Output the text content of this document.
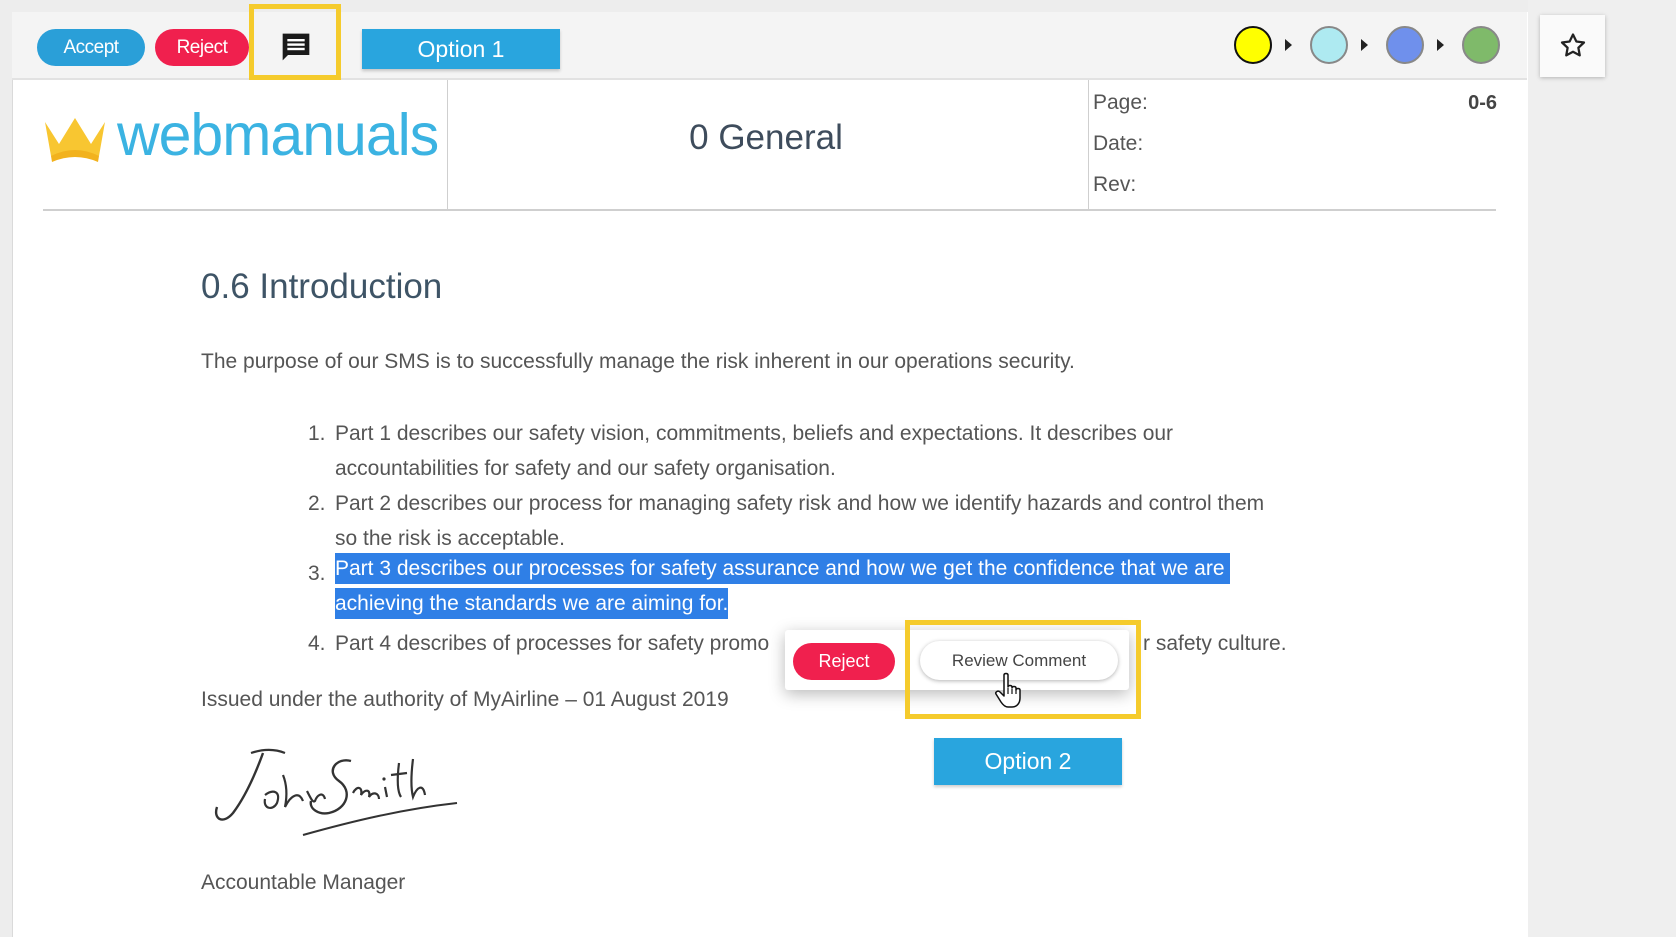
Accept	Reject	Option 1
webmanuals	0 General
Page:	0-6
Date:
Rev:
0.6 Introduction
The purpose of our SMS is to successfully manage the risk inherent in our operations security.
1. Part 1 describes our safety vision, commitments, beliefs and expectations. It describes our
accountabilities for safety and our safety organisation.
2. Part 2 describes our process for managing safety risk and how we identify hazards and control them
so the risk is acceptable.
3. Part 3 describes our processes for safety assurance and how we get the confidence that we are
achieving the standards we are aiming for.
4. Part 4 describes of processes for safety promo	r safety culture.
Issued under the authority of MyAirline – 01 August 2019
Accountable Manager
Reject	Review Comment
Option 2
